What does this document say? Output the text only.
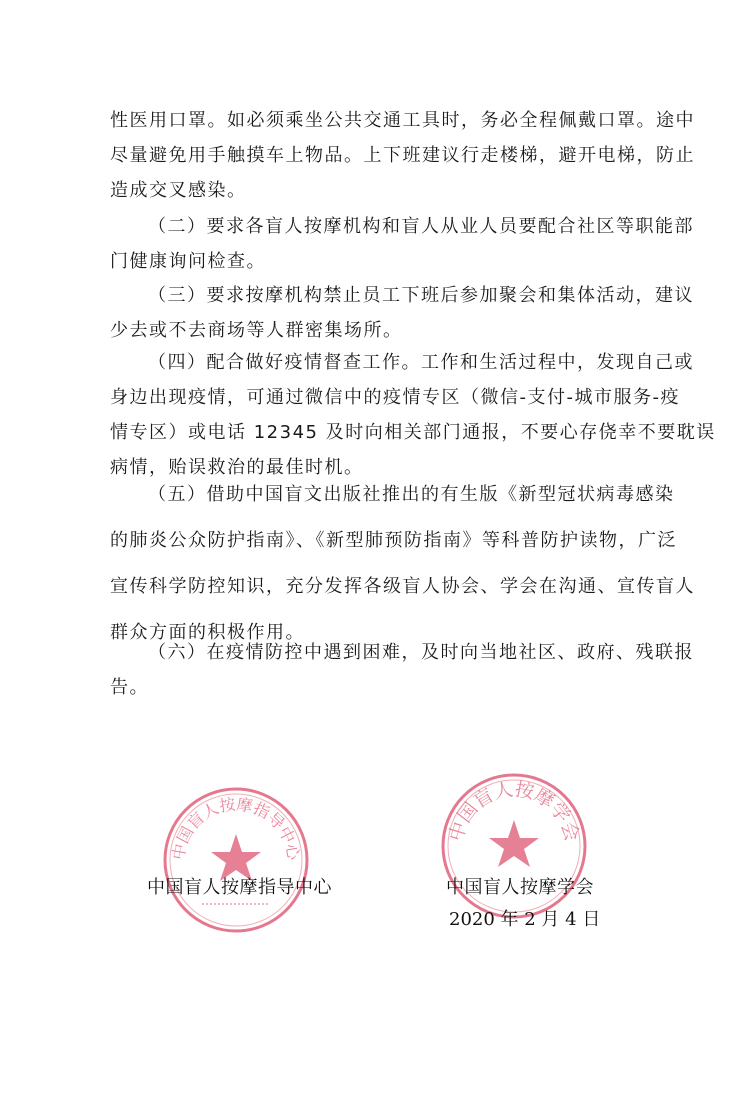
性医用口罩。如必须乘坐公共交通工具时，务必全程佩戴口罩。途中
尽量避免用手触摸车上物品。上下班建议行走楼梯，避开电梯，防止
造成交叉感染。
（二）要求各盲人按摩机构和盲人从业人员要配合社区等职能部
门健康询问检查。
（三）要求按摩机构禁止员工下班后参加聚会和集体活动，建议
少去或不去商场等人群密集场所。
（四）配合做好疫情督查工作。工作和生活过程中，发现自己或
身边出现疫情，可通过微信中的疫情专区（微信-支付-城市服务-疫
情专区）或电话 12345 及时向相关部门通报，不要心存侥幸不要耽误
病情，贻误救治的最佳时机。
（五）借助中国盲文出版社推出的有生版《新型冠状病毒感染
的肺炎公众防护指南》、《新型肺预防指南》等科普防护读物，广泛
宣传科学防控知识，充分发挥各级盲人协会、学会在沟通、宣传盲人
群众方面的积极作用。
（六）在疫情防控中遇到困难，及时向当地社区、政府、残联报
告。
中国盲人按摩指导中心
中国盲人按摩学会
中国盲人按摩指导中心	中国盲人按摩学会
2020 年 2 月 4 日
